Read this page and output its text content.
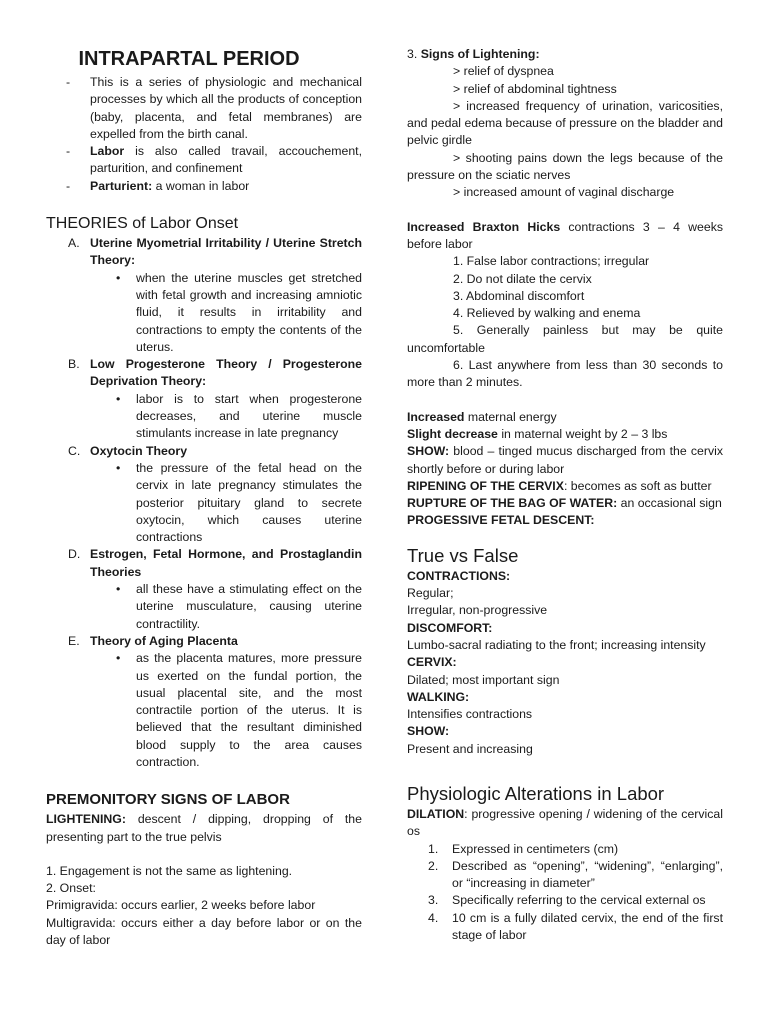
INTRAPARTAL PERIOD
- This is a series of physiologic and mechanical processes by which all the products of conception (baby, placenta, and fetal membranes) are expelled from the birth canal.
- Labor is also called travail, accouchement, parturition, and confinement
- Parturient: a woman in labor
THEORIES of Labor Onset
A. Uterine Myometrial Irritability / Uterine Stretch Theory:
• when the uterine muscles get stretched with fetal growth and increasing amniotic fluid, it results in irritability and contractions to empty the contents of the uterus.
B. Low Progesterone Theory / Progesterone Deprivation Theory:
• labor is to start when progesterone decreases, and uterine muscle stimulants increase in late pregnancy
C. Oxytocin Theory
• the pressure of the fetal head on the cervix in late pregnancy stimulates the posterior pituitary gland to secrete oxytocin, which causes uterine contractions
D. Estrogen, Fetal Hormone, and Prostaglandin Theories
• all these have a stimulating effect on the uterine musculature, causing uterine contractility.
E. Theory of Aging Placenta
• as the placenta matures, more pressure us exerted on the fundal portion, the usual placental site, and the most contractile portion of the uterus. It is believed that the resultant diminished blood supply to the area causes contraction.
PREMONITORY SIGNS OF LABOR

LIGHTENING: descent / dipping, dropping of the presenting part to the true pelvis

1. Engagement is not the same as lightening.

2. Onset:

Primigravida: occurs earlier, 2 weeks before labor

Multigravida: occurs either a day before labor or on the day of labor

3. Signs of Lightening:

> relief of dyspnea

> relief of abdominal tightness

> increased frequency of urination, varicosities, and pedal edema because of pressure on the bladder and pelvic girdle

> shooting pains down the legs because of the pressure on the sciatic nerves

> increased amount of vaginal discharge

Increased Braxton Hicks contractions 3 – 4 weeks before labor

1. False labor contractions; irregular

2. Do not dilate the cervix

3. Abdominal discomfort

4. Relieved by walking and enema

5. Generally painless but may be quite uncomfortable

6. Last anywhere from less than 30 seconds to more than 2 minutes.

Increased maternal energy

Slight decrease in maternal weight by 2 – 3 lbs

SHOW: blood – tinged mucus discharged from the cervix shortly before or during labor

RIPENING OF THE CERVIX: becomes as soft as butter

RUPTURE OF THE BAG OF WATER: an occasional sign

PROGESSIVE FETAL DESCENT:

True vs False

CONTRACTIONS:

Regular;

Irregular, non-progressive

DISCOMFORT:

Lumbo-sacral radiating to the front; increasing intensity

CERVIX:

Dilated; most important sign

WALKING:

Intensifies contractions

SHOW:

Present and increasing

Physiologic Alterations in Labor

DILATION: progressive opening / widening of the cervical os

1. Expressed in centimeters (cm)
2. Described as “opening”, “widening”, “enlarging”, or “increasing in diameter”
3. Specifically referring to the cervical external os
4. 10 cm is a fully dilated cervix, the end of the first stage of labor
